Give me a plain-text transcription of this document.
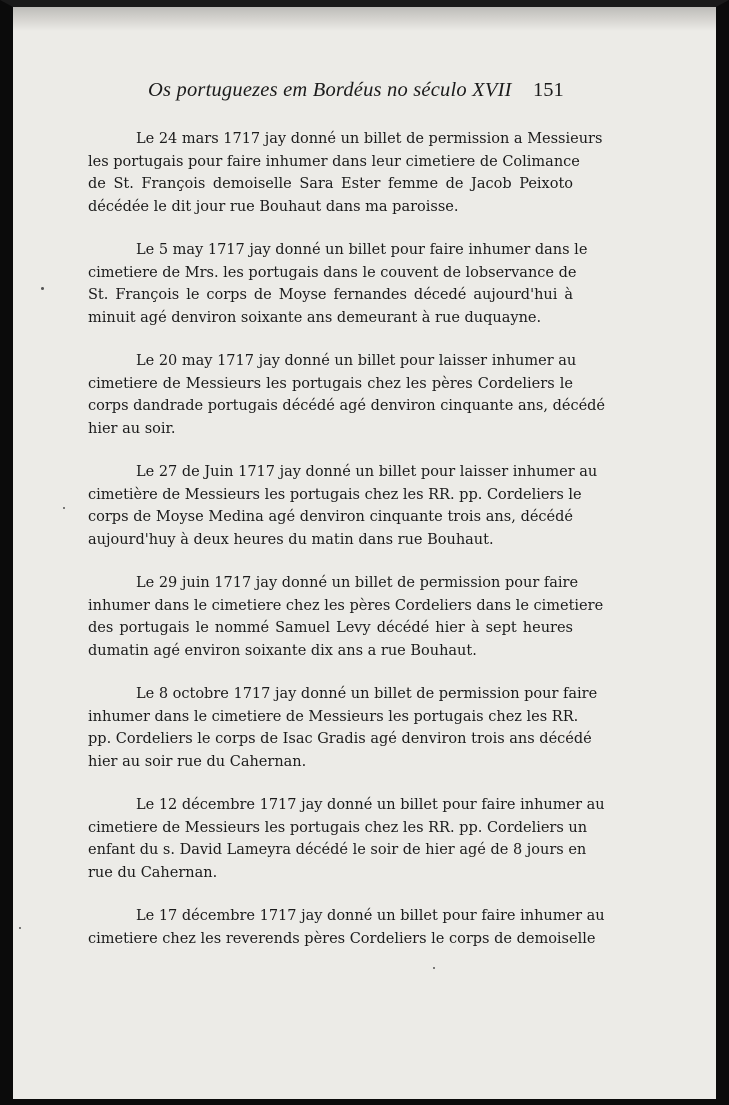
Os portuguezes em Bordéus no século XVII 151
Le 24 mars 1717 jay donné un billet de permission a Messieurs
les portugais pour faire inhumer dans leur cimetiere de Colimance
de St. François demoiselle Sara Ester femme de Jacob Peixoto
décédée le dit jour rue Bouhaut dans ma paroisse.
Le 5 may 1717 jay donné un billet pour faire inhumer dans le
cimetiere de Mrs. les portugais dans le couvent de lobservance de
St. François le corps de Moyse fernandes décedé aujourd'hui à
minuit agé denviron soixante ans demeurant à rue duquayne.
Le 20 may 1717 jay donné un billet pour laisser inhumer au
cimetiere de Messieurs les portugais chez les pères Cordeliers le
corps dandrade portugais décédé agé denviron cinquante ans, décédé
hier au soir.
Le 27 de Juin 1717 jay donné un billet pour laisser inhumer au
cimetière de Messieurs les portugais chez les RR. pp. Cordeliers le
corps de Moyse Medina agé denviron cinquante trois ans, décédé
aujourd'huy à deux heures du matin dans rue Bouhaut.
Le 29 juin 1717 jay donné un billet de permission pour faire
inhumer dans le cimetiere chez les pères Cordeliers dans le cimetiere
des portugais le nommé Samuel Levy décédé hier à sept heures
dumatin agé environ soixante dix ans a rue Bouhaut.
Le 8 octobre 1717 jay donné un billet de permission pour faire
inhumer dans le cimetiere de Messieurs les portugais chez les RR.
pp. Cordeliers le corps de Isac Gradis agé denviron trois ans décédé
hier au soir rue du Cahernan.
Le 12 décembre 1717 jay donné un billet pour faire inhumer au
cimetiere de Messieurs les portugais chez les RR. pp. Cordeliers un
enfant du s. David Lameyra décédé le soir de hier agé de 8 jours en
rue du Cahernan.
Le 17 décembre 1717 jay donné un billet pour faire inhumer au
cimetiere chez les reverends pères Cordeliers le corps de demoiselle
